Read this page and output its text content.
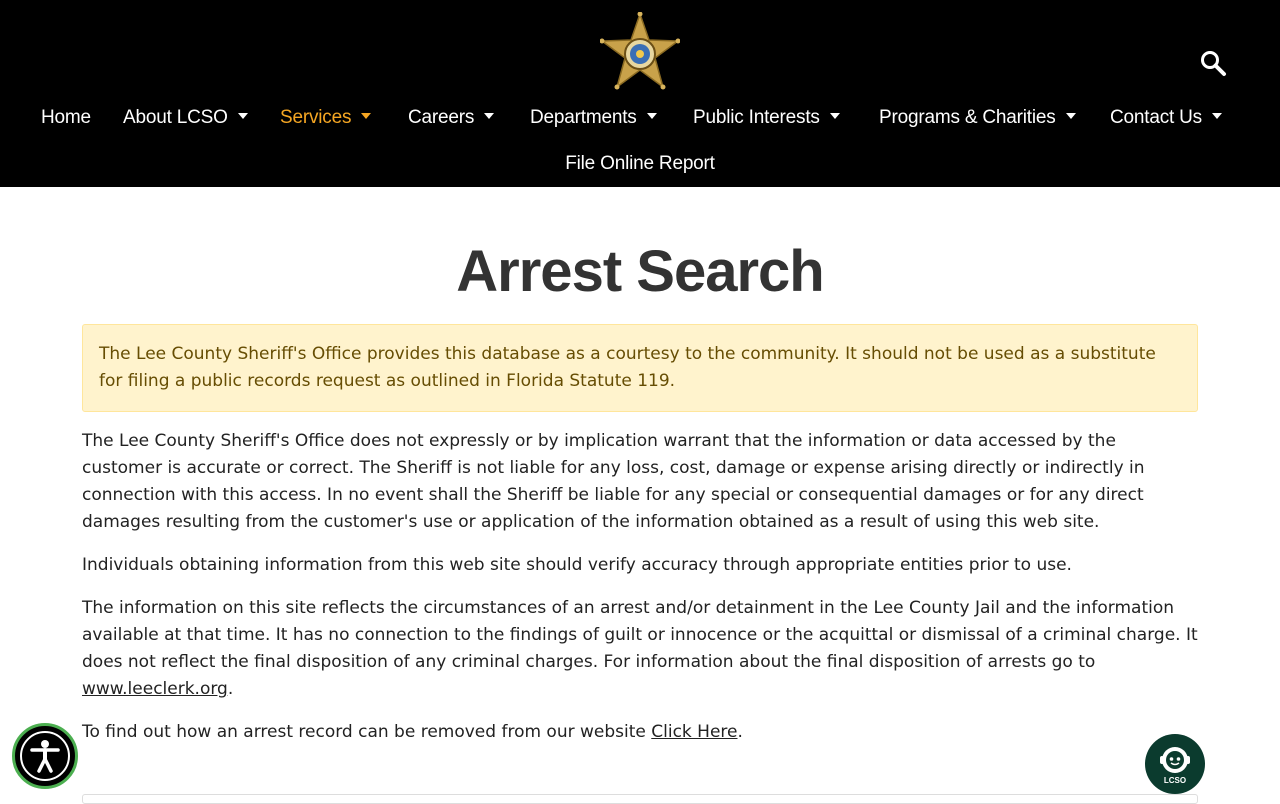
Home About LCSO	Services	Careers	Departments	Public Interests	Programs & Charities	Contact Us
File Online Report
Arrest Search
The Lee County Sheriff's Office provides this database as a courtesy to the community. It should not be used as a substitute for filing a public records request as outlined in Florida Statute 119.

The Lee County Sheriff's Office does not expressly or by implication warrant that the information or data accessed by the customer is accurate or correct. The Sheriff is not liable for any loss, cost, damage or expense arising directly or indirectly in connection with this access. In no event shall the Sheriff be liable for any special or consequential damages or for any direct damages resulting from the customer's use or application of the information obtained as a result of using this web site.

Individuals obtaining information from this web site should verify accuracy through appropriate entities prior to use.

The information on this site reflects the circumstances of an arrest and/or detainment in the Lee County Jail and the information available at that time. It has no connection to the findings of guilt or innocence or the acquittal or dismissal of a criminal charge. It does not reflect the final disposition of any criminal charges. For information about the final disposition of arrests go to www.leeclerk.org.

To find out how an arrest record can be removed from our website Click Here.

LCSO
